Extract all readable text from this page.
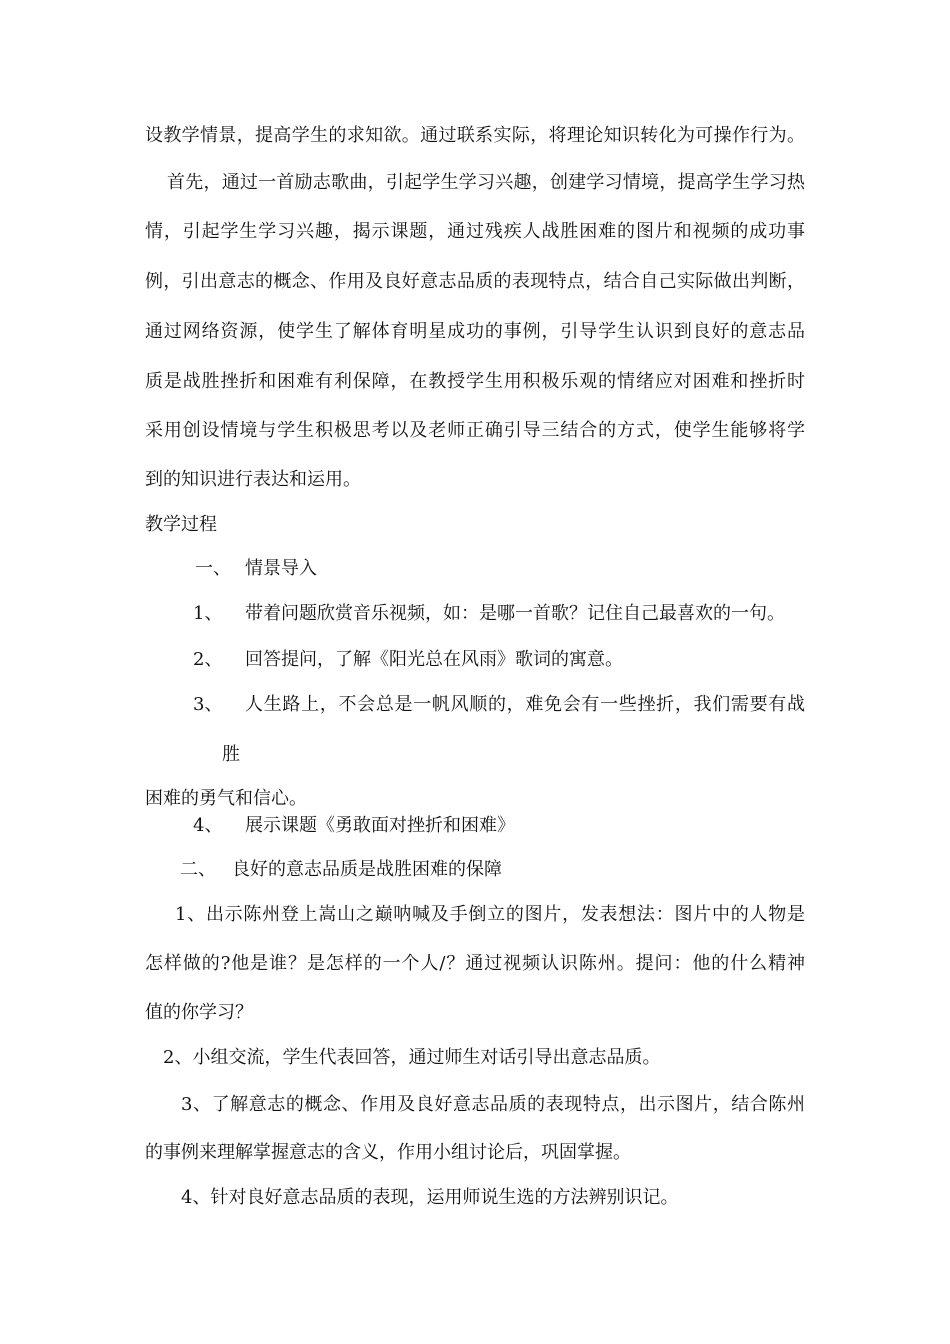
设教学情景，提高学生的求知欲。通过联系实际，将理论知识转化为可操作行为。
首先，通过一首励志歌曲，引起学生学习兴趣，创建学习情境，提高学生学习热
情，引起学生学习兴趣，揭示课题，通过残疾人战胜困难的图片和视频的成功事
例，引出意志的概念、作用及良好意志品质的表现特点，结合自己实际做出判断，
通过网络资源，使学生了解体育明星成功的事例，引导学生认识到良好的意志品
质是战胜挫折和困难有利保障，在教授学生用积极乐观的情绪应对困难和挫折时
采用创设情境与学生积极思考以及老师正确引导三结合的方式，使学生能够将学
到的知识进行表达和运用。
教学过程
一、 情景导入
1、 带着问题欣赏音乐视频，如：是哪一首歌？记住自己最喜欢的一句。
2、 回答提问，了解《阳光总在风雨》歌词的寓意。
3、 人生路上，不会总是一帆风顺的，难免会有一些挫折，我们需要有战
胜
困难的勇气和信心。
4、 展示课题《勇敢面对挫折和困难》
二、 良好的意志品质是战胜困难的保障
1、出示陈州登上嵩山之巅呐喊及手倒立的图片，发表想法：图片中的人物是
怎样做的?他是谁？是怎样的一个人/？通过视频认识陈州。提问：他的什么精神
值的你学习？
2、小组交流，学生代表回答，通过师生对话引导出意志品质。
3、了解意志的概念、作用及良好意志品质的表现特点，出示图片，结合陈州
的事例来理解掌握意志的含义，作用小组讨论后，巩固掌握。
4、针对良好意志品质的表现，运用师说生选的方法辨别识记。
